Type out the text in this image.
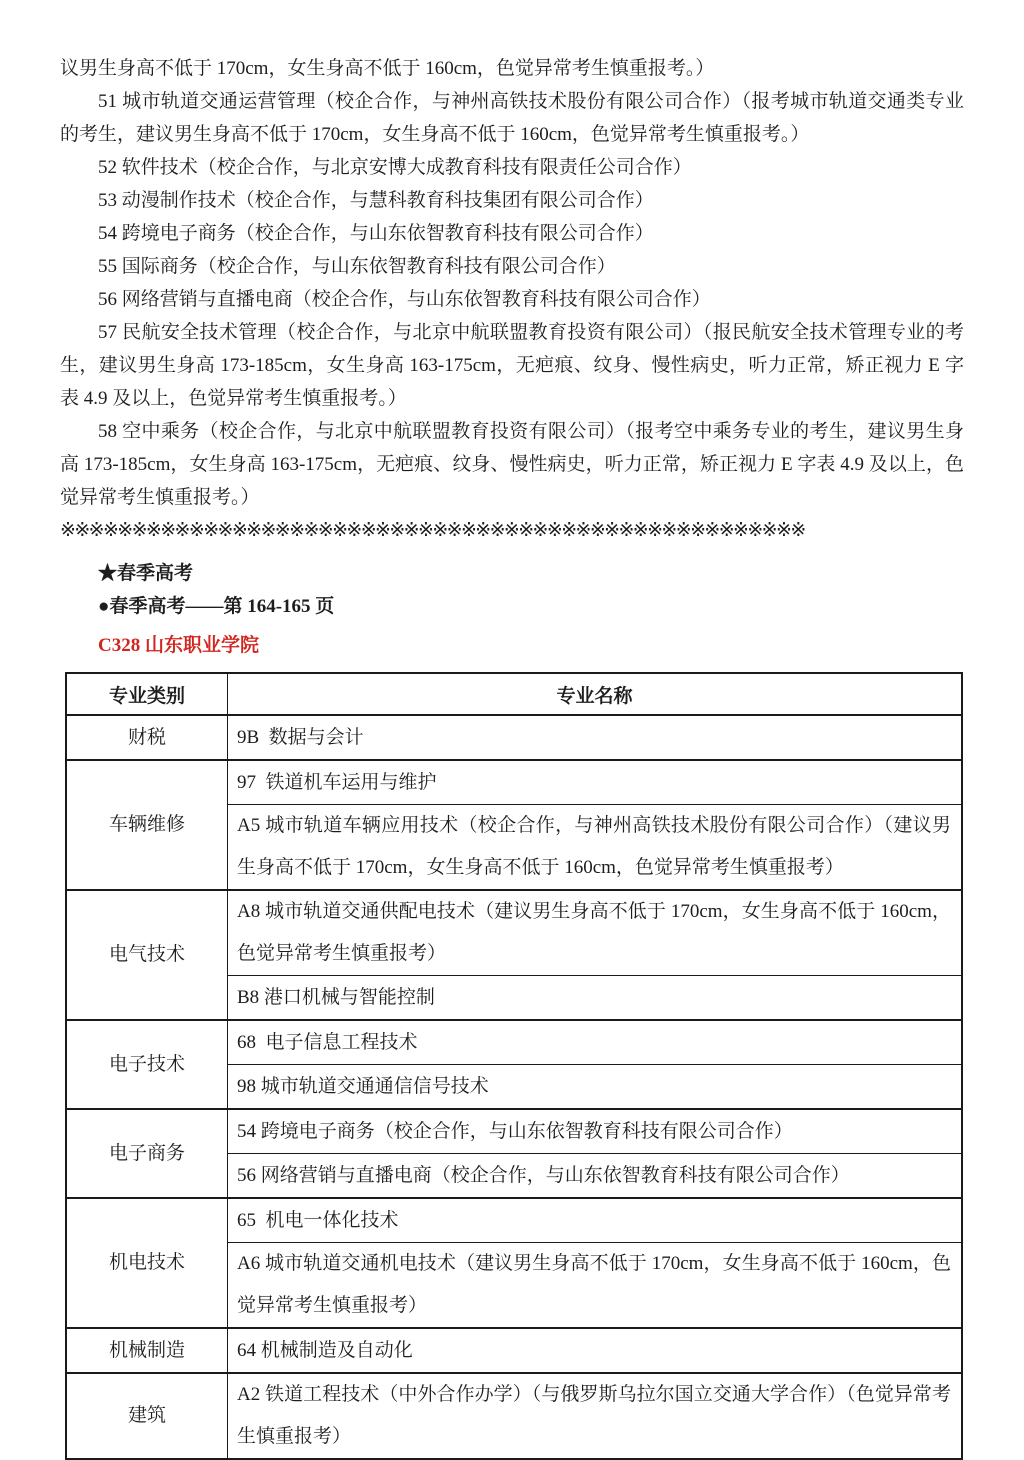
议男生身高不低于 170cm，女生身高不低于 160cm，色觉异常考生慎重报考。）

51 城市轨道交通运营管理（校企合作，与神州高铁技术股份有限公司合作）（报考城市轨道交通类专业的考生，建议男生身高不低于 170cm，女生身高不低于 160cm，色觉异常考生慎重报考。）

52 软件技术（校企合作，与北京安博大成教育科技有限责任公司合作）

53 动漫制作技术（校企合作，与慧科教育科技集团有限公司合作）

54 跨境电子商务（校企合作，与山东依智教育科技有限公司合作）

55 国际商务（校企合作，与山东依智教育科技有限公司合作）

56 网络营销与直播电商（校企合作，与山东依智教育科技有限公司合作）

57 民航安全技术管理（校企合作，与北京中航联盟教育投资有限公司）（报民航安全技术管理专业的考生，建议男生身高 173-185cm，女生身高 163-175cm，无疤痕、纹身、慢性病史，听力正常，矫正视力 E 字表 4.9 及以上，色觉异常考生慎重报考。）

58 空中乘务（校企合作，与北京中航联盟教育投资有限公司）（报考空中乘务专业的考生，建议男生身高 173-185cm，女生身高 163-175cm，无疤痕、纹身、慢性病史，听力正常，矫正视力 E 字表 4.9 及以上，色觉异常考生慎重报考。）

※※※※※※※※※※※※※※※※※※※※※※※※※※※※※※※※※※※※※※※※※※※※※※※※※※※※
★春季高考
●春季高考——第 164-165 页
C328 山东职业学院
专业类别	专业名称
财税	9B  数据与会计
车辆维修	97  铁道机车运用与维护
	A5 城市轨道车辆应用技术（校企合作，与神州高铁技术股份有限公司合作）（建议男生身高不低于 170cm，女生身高不低于 160cm，色觉异常考生慎重报考）
电气技术	A8 城市轨道交通供配电技术（建议男生身高不低于 170cm，女生身高不低于 160cm，色觉异常考生慎重报考）
	B8 港口机械与智能控制
电子技术	68  电子信息工程技术
	98 城市轨道交通通信信号技术
电子商务	54 跨境电子商务（校企合作，与山东依智教育科技有限公司合作）
	56 网络营销与直播电商（校企合作，与山东依智教育科技有限公司合作）
机电技术	65  机电一体化技术
	A6 城市轨道交通机电技术（建议男生身高不低于 170cm，女生身高不低于 160cm，色觉异常考生慎重报考）
机械制造	64 机械制造及自动化
建筑	A2 铁道工程技术（中外合作办学）（与俄罗斯乌拉尔国立交通大学合作）（色觉异常考生慎重报考）
